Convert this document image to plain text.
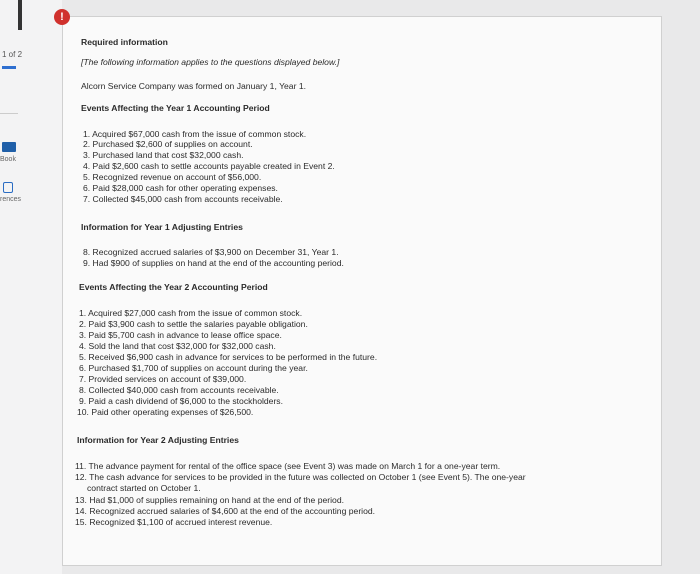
1 of 2
Book
rences
!
Required information
[The following information applies to the questions displayed below.]
Alcorn Service Company was formed on January 1, Year 1.
Events Affecting the Year 1 Accounting Period
1. Acquired $67,000 cash from the issue of common stock.
2. Purchased $2,600 of supplies on account.
3. Purchased land that cost $32,000 cash.
4. Paid $2,600 cash to settle accounts payable created in Event 2.
5. Recognized revenue on account of $56,000.
6. Paid $28,000 cash for other operating expenses.
7. Collected $45,000 cash from accounts receivable.
Information for Year 1 Adjusting Entries
8. Recognized accrued salaries of $3,900 on December 31, Year 1.
9. Had $900 of supplies on hand at the end of the accounting period.
Events Affecting the Year 2 Accounting Period
1. Acquired $27,000 cash from the issue of common stock.
2. Paid $3,900 cash to settle the salaries payable obligation.
3. Paid $5,700 cash in advance to lease office space.
4. Sold the land that cost $32,000 for $32,000 cash.
5. Received $6,900 cash in advance for services to be performed in the future.
6. Purchased $1,700 of supplies on account during the year.
7. Provided services on account of $39,000.
8. Collected $40,000 cash from accounts receivable.
9. Paid a cash dividend of $6,000 to the stockholders.
10. Paid other operating expenses of $26,500.
Information for Year 2 Adjusting Entries
11. The advance payment for rental of the office space (see Event 3) was made on March 1 for a one-year term.
12. The cash advance for services to be provided in the future was collected on October 1 (see Event 5). The one-year
contract started on October 1.
13. Had $1,000 of supplies remaining on hand at the end of the period.
14. Recognized accrued salaries of $4,600 at the end of the accounting period.
15. Recognized $1,100 of accrued interest revenue.
